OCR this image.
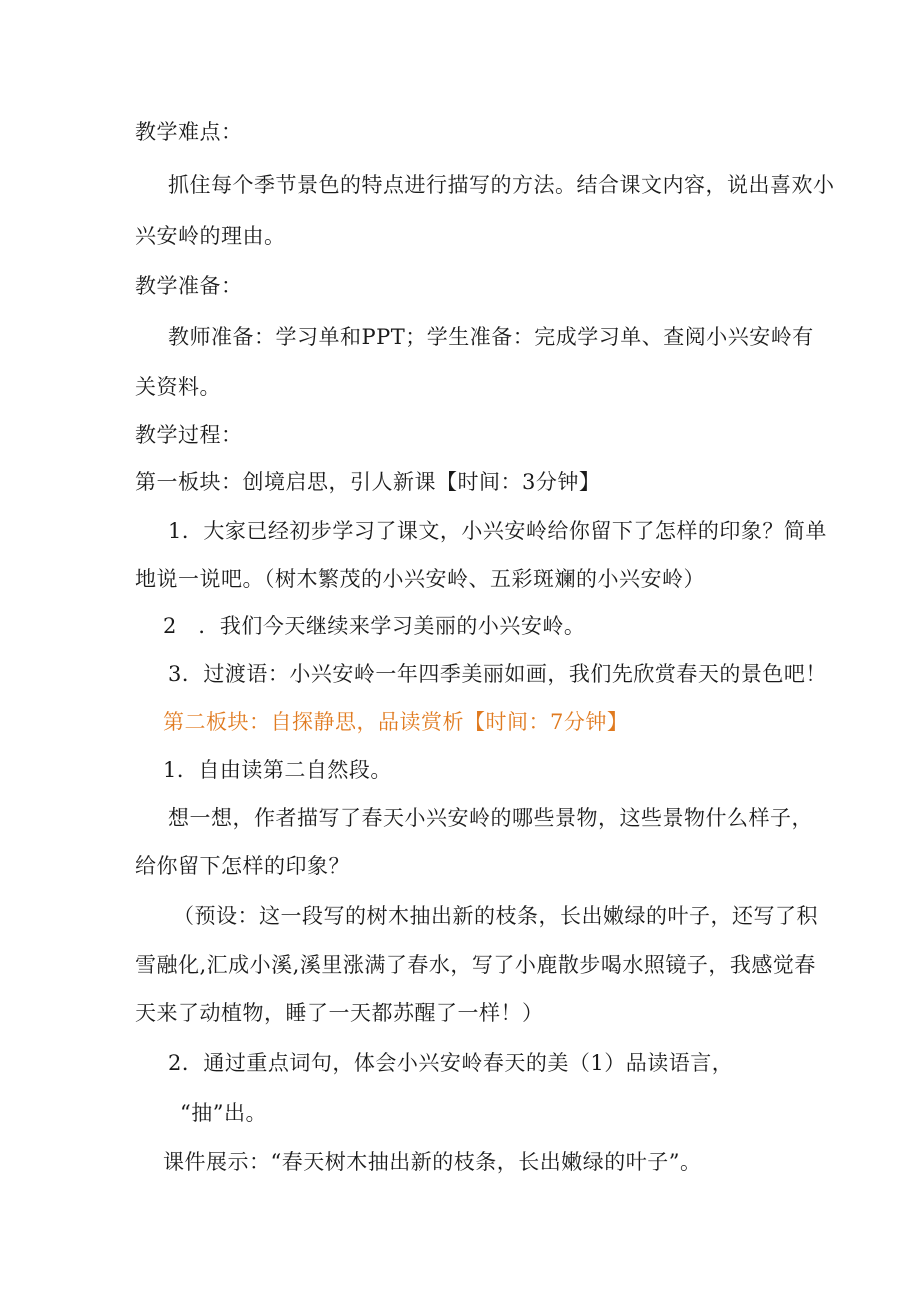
教学难点：
抓住每个季节景色的特点进行描写的方法。结合课文内容，说出喜欢小
兴安岭的理由。
教学准备：
教师准备：学习单和PPT；学生准备：完成学习单、查阅小兴安岭有
关资料。
教学过程：
第一板块：创境启思，引人新课【时间：3分钟】
1．大家已经初步学习了课文，小兴安岭给你留下了怎样的印象？简单
地说一说吧。（树木繁茂的小兴安岭、五彩斑斓的小兴安岭）
2　．我们今天继续来学习美丽的小兴安岭。
3．过渡语：小兴安岭一年四季美丽如画，我们先欣赏春天的景色吧！
第二板块：自探静思，品读赏析【时间：7分钟】
1．自由读第二自然段。
想一想，作者描写了春天小兴安岭的哪些景物，这些景物什么样子，
给你留下怎样的印象？
（预设：这一段写的树木抽出新的枝条，长出嫩绿的叶子，还写了积
雪融化,汇成小溪,溪里涨满了春水，写了小鹿散步喝水照镜子，我感觉春
天来了动植物，睡了一天都苏醒了一样！）
2．通过重点词句，体会小兴安岭春天的美（1）品读语言，
“抽”出。
课件展示：“春天树木抽出新的枝条，长出嫩绿的叶子”。
